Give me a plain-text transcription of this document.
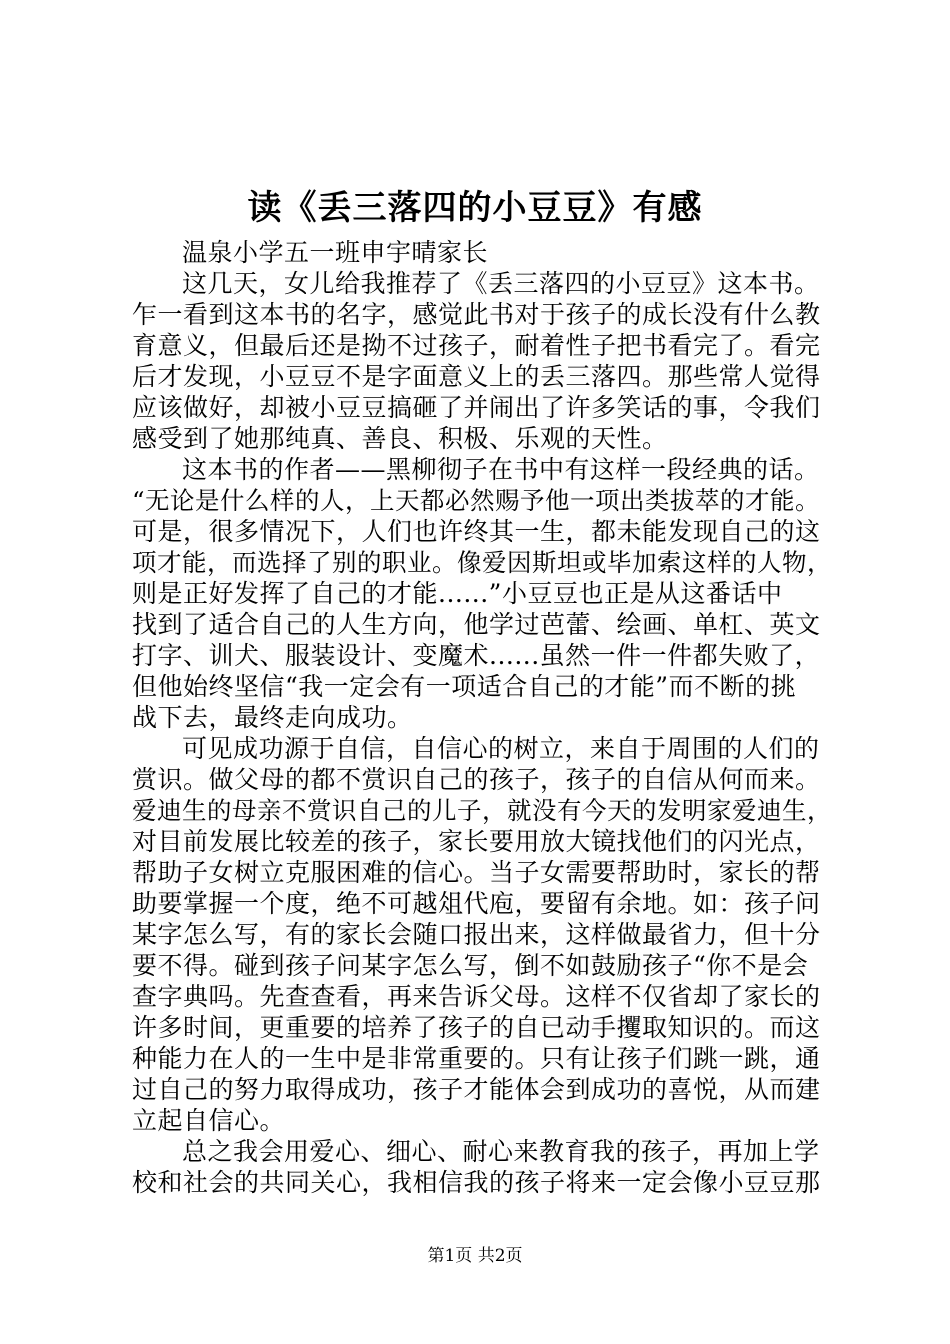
读《丢三落四的小豆豆》有感
温泉小学五一班申宇晴家长
这几天，女儿给我推荐了《丢三落四的小豆豆》这本书。
乍一看到这本书的名字，感觉此书对于孩子的成长没有什么教
育意义，但最后还是拗不过孩子，耐着性子把书看完了。看完
后才发现，小豆豆不是字面意义上的丢三落四。那些常人觉得
应该做好，却被小豆豆搞砸了并闹出了许多笑话的事，令我们
感受到了她那纯真、善良、积极、乐观的天性。
这本书的作者——黑柳彻子在书中有这样一段经典的话。
“无论是什么样的人，上天都必然赐予他一项出类拔萃的才能。
可是，很多情况下，人们也许终其一生，都未能发现自己的这
项才能，而选择了别的职业。像爱因斯坦或毕加索这样的人物，
则是正好发挥了自己的才能......”小豆豆也正是从这番话中
找到了适合自己的人生方向，他学过芭蕾、绘画、单杠、英文
打字、训犬、服装设计、变魔术......虽然一件一件都失败了，
但他始终坚信“我一定会有一项适合自己的才能”而不断的挑
战下去，最终走向成功。
可见成功源于自信，自信心的树立，来自于周围的人们的
赏识。做父母的都不赏识自己的孩子，孩子的自信从何而来。
爱迪生的母亲不赏识自己的儿子，就没有今天的发明家爱迪生，
对目前发展比较差的孩子，家长要用放大镜找他们的闪光点，
帮助子女树立克服困难的信心。当子女需要帮助时，家长的帮
助要掌握一个度，绝不可越俎代庖，要留有余地。如：孩子问
某字怎么写，有的家长会随口报出来，这样做最省力，但十分
要不得。碰到孩子问某字怎么写，倒不如鼓励孩子“你不是会
查字典吗。先查查看，再来告诉父母。这样不仅省却了家长的
许多时间，更重要的培养了孩子的自已动手攫取知识的。而这
种能力在人的一生中是非常重要的。只有让孩子们跳一跳，通
过自己的努力取得成功，孩子才能体会到成功的喜悦，从而建
立起自信心。
总之我会用爱心、细心、耐心来教育我的孩子，再加上学
校和社会的共同关心，我相信我的孩子将来一定会像小豆豆那
第1页 共2页
